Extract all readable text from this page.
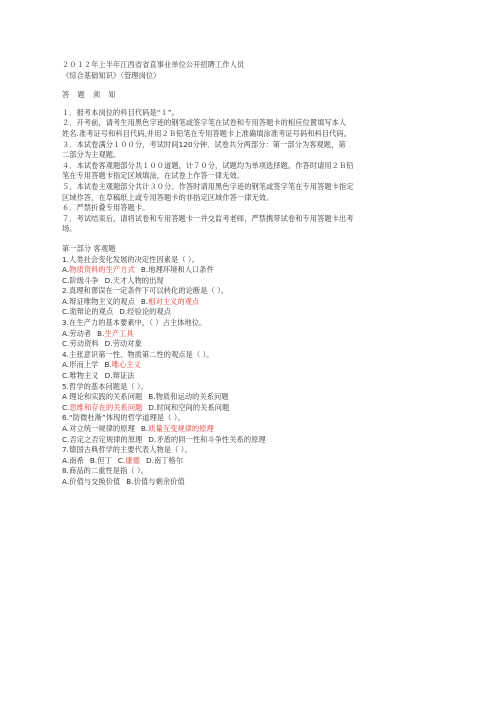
２０１２年上半年江西省省直事业单位公开招聘工作人员
《综合基础知识》（管理岗位）
答 题 须 知
１．报考本岗位的科目代码是“１”。
２．开考前，请考生用黑色字迹的钢笔或签字笔在试卷和专用答题卡的相应位置填写本人
姓名.准考证号和科目代码,并用２Ｂ铅笔在专用答题卡上准确填涂准考证号码和科目代码。
３．本试卷满分１００分，考试时间120分钟．试卷共分两部分：第一部分为客观题，第
二部分为主观题。
４．本试卷客观题部分共１００道题，计７０分，试题均为单项选择题。作答时请用２Ｂ铅
笔在专用答题卡指定区域填涂，在试卷上作答一律无效。
５．本试卷主观题部分共计３０分。作答时请用黑色字迹的钢笔或签字笔在专用答题卡指定
区域作答，在草稿纸上或专用答题卡的非指定区域作答一律无效。
６．严禁折叠专用答题卡。
７．考试结束后，请将试卷和专用答题卡一并交监考老师，严禁携带试卷和专用答题卡出考
场。
第一部分 客观题
1.人类社会变化发展的决定性因素是（ ）。
A.物质资料的生产方式 B.地理环境和人口条件
C.阶级斗争 D.天才人物的出现
2.真理和谬误在一定条件下可以转化的论断是（ ）。
A.辩证唯物主义的观点 B.相对主义的观点
C.诡辩论的观点 D.经验论的观点
3.在生产力的基本要素中，（ ）占主体地位。
A.劳动者 B.生产工具
C.劳动资料 D.劳动对象
4.主张意识第一性、物质第二性的观点是（ ）。
A.形而上学 B.唯心主义
C.唯物主义 D.辩证法
5.哲学的基本问题是（ ）。
A 理论和实践的关系问题 B.物质和运动的关系问题
C.思维和存在的关系问题 D.时间和空间的关系问题
6.“防微杜渐”体现的哲学道理是（ ）。
A.对立统一规律的原理 B.质量互变规律的原理
C.否定之否定规律的原理 D.矛盾的同一性和斗争性关系的原理
7.德国古典哲学的主要代表人物是（ ）。
A.南希 B.但丁 C.康德 D.南丁格尔
8.商品的二重性是指（ ）。
A.价值与交换价值 B.价值与剩余价值
